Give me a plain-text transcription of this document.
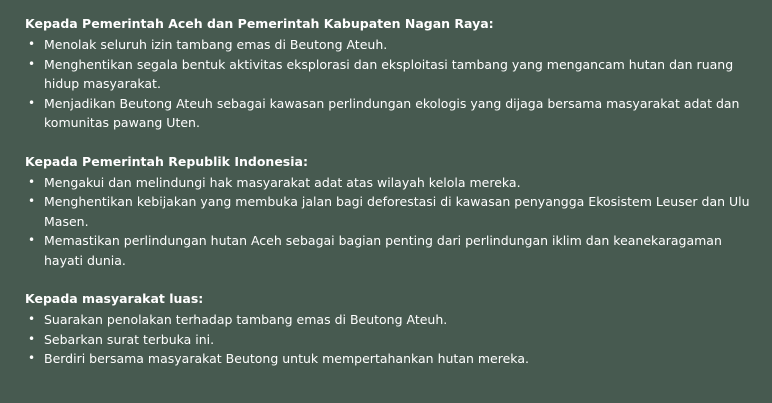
Kepada Pemerintah Aceh dan Pemerintah Kabupaten Nagan Raya:

• Menolak seluruh izin tambang emas di Beutong Ateuh.
• Menghentikan segala bentuk aktivitas eksplorasi dan eksploitasi tambang yang mengancam hutan dan ruang hidup masyarakat.
• Menjadikan Beutong Ateuh sebagai kawasan perlindungan ekologis yang dijaga bersama masyarakat adat dan komunitas pawang Uten.

Kepada Pemerintah Republik Indonesia:

• Mengakui dan melindungi hak masyarakat adat atas wilayah kelola mereka.
• Menghentikan kebijakan yang membuka jalan bagi deforestasi di kawasan penyangga Ekosistem Leuser dan Ulu Masen.
• Memastikan perlindungan hutan Aceh sebagai bagian penting dari perlindungan iklim dan keanekaragaman hayati dunia.

Kepada masyarakat luas:

• Suarakan penolakan terhadap tambang emas di Beutong Ateuh.
• Sebarkan surat terbuka ini.
• Berdiri bersama masyarakat Beutong untuk mempertahankan hutan mereka.
